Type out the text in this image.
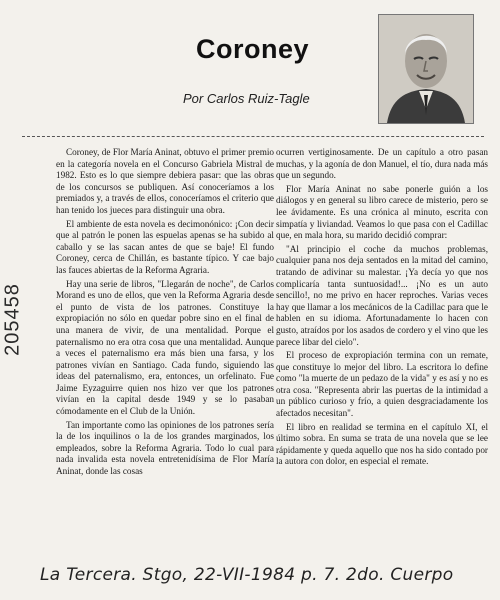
Coroney
Por Carlos Ruiz-Tagle
205458

Coroney, de Flor María Aninat, obtuvo el primer premio en la categoría novela en el Concurso Gabriela Mistral de 1982. Esto es lo que siempre debiera pasar: que las obras de los concursos se publiquen. Así conoceríamos a los premiados y, a través de ellos, conoceríamos el criterio que han tenido los jueces para distinguir una obra.

El ambiente de esta novela es decimonónico: ¡Con decir que al patrón le ponen las espuelas apenas se ha subido al caballo y se las sacan antes de que se baje! El fundo Coroney, cerca de Chillán, es bastante típico. Y cae bajo las fauces abiertas de la Reforma Agraria.

Hay una serie de libros, "Llegarán de noche", de Carlos Morand es uno de ellos, que ven la Reforma Agraria desde el punto de vista de los patrones. Constituye la expropiación no sólo en quedar pobre sino en el final de una manera de vivir, de una mentalidad. Porque el paternalismo no era otra cosa que una mentalidad. Aunque a veces el paternalismo era más bien una farsa, y los patrones vivían en Santiago. Cada fundo, siguiendo las ideas del paternalismo, era, entonces, un orfelinato. Fue Jaime Eyzaguirre quien nos hizo ver que los patrones vivían en la capital desde 1949 y se lo pasaban cómodamente en el Club de la Unión.

Tan importante como las opiniones de los patrones sería la de los inquilinos o la de los grandes marginados, los empleados, sobre la Reforma Agraria. Todo lo cual para nada invalida esta novela entretenidísima de Flor María Aninat, donde las cosas

ocurren vertiginosamente. De un capítulo a otro pasan muchas, y la agonía de don Manuel, el tío, dura nada más que un segundo.

Flor María Aninat no sabe ponerle guión a los diálogos y en general su libro carece de misterio, pero se lee ávidamente. Es una crónica al minuto, escrita con simpatía y liviandad. Veamos lo que pasa con el Cadillac que, en mala hora, su marido decidió comprar:

"Al principio el coche da muchos problemas, cualquier pana nos deja sentados en la mitad del camino, tratando de adivinar su malestar. ¡Ya decía yo que nos complicaría tanta suntuosidad!... ¡No es un auto sencillo!, no me privo en hacer reproches. Varias veces hay que llamar a los mecánicos de la Cadillac para que le hablen en su idioma. Afortunadamente lo hacen con gusto, atraídos por los asados de cordero y el vino que les parece libar del cielo".

El proceso de expropiación termina con un remate, que constituye lo mejor del libro. La escritora lo define como "la muerte de un pedazo de la vida" y es así y no es otra cosa. "Representa abrir las puertas de la intimidad a un público curioso y frío, a quien desgraciadamente los afectados necesitan".

El libro en realidad se termina en el capítulo XI, el último sobra. En suma se trata de una novela que se lee rápidamente y queda aquello que nos ha sido contado por la autora con dolor, en especial el remate.

La Tercera. Stgo, 22-VII-1984 p. 7. 2do. Cuerpo
